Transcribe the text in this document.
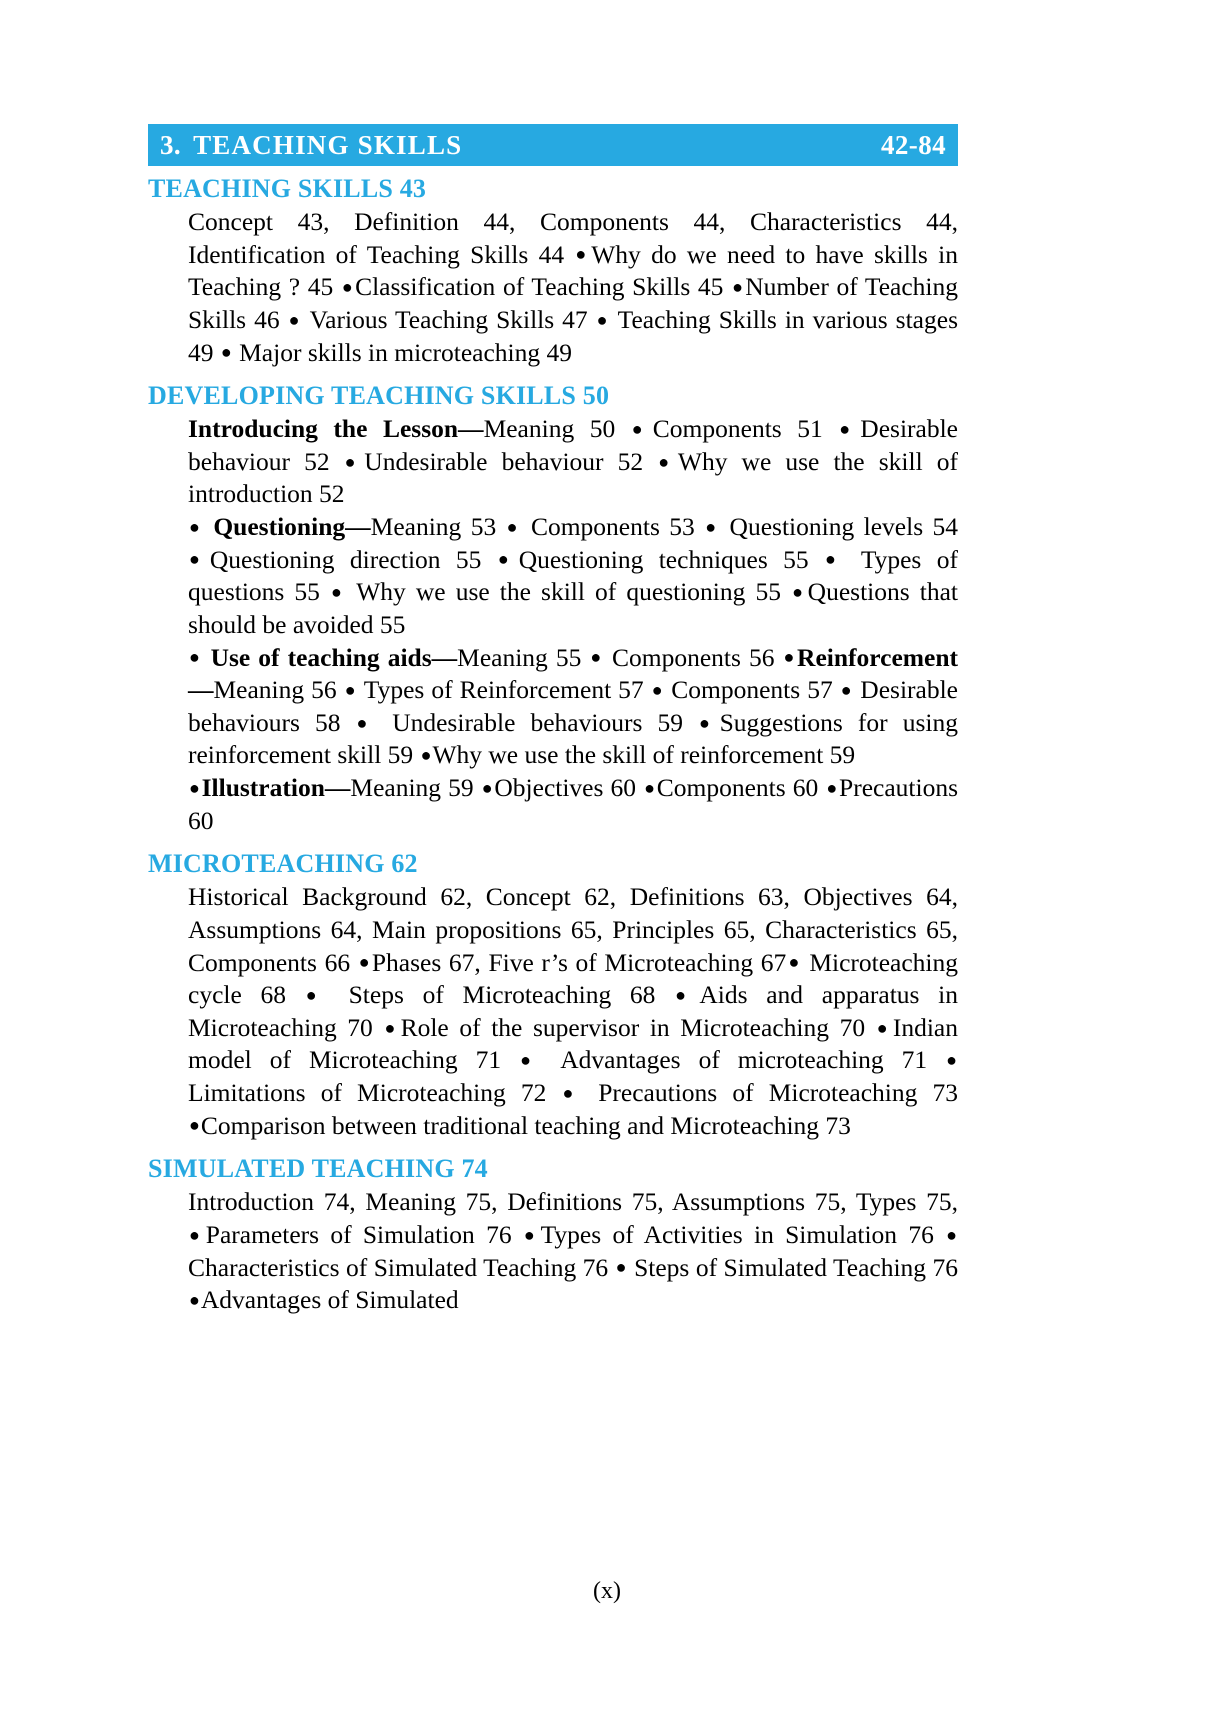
3. TEACHING SKILLS	42-84
TEACHING SKILLS 43

Concept 43, Definition 44, Components 44, Characteristics 44, Identification of Teaching Skills 44 ●Why do we need to have skills in Teaching ? 45 ●Classification of Teaching Skills 45 ●Number of Teaching Skills 46 ● Various Teaching Skills 47 ● Teaching Skills in various stages 49 ● Major skills in microteaching 49

DEVELOPING TEACHING SKILLS 50

Introducing the Lesson—Meaning 50 ●Components 51 ●Desirable behaviour 52 ●Undesirable behaviour 52 ●Why we use the skill of introduction 52

● Questioning—Meaning 53 ● Components 53 ● Questioning levels 54 ●Questioning direction 55 ●Questioning techniques 55 ● Types of questions 55 ● Why we use the skill of questioning 55 ●Questions that should be avoided 55

● Use of teaching aids—Meaning 55 ● Components 56 ●Reinforcement—Meaning 56 ● Types of Reinforcement 57 ● Components 57 ● Desirable behaviours 58 ● Undesirable behaviours 59 ●Suggestions for using reinforcement skill 59 ●Why we use the skill of reinforcement 59

●Illustration—Meaning 59 ●Objectives 60 ●Components 60 ●Precautions 60

MICROTEACHING 62

Historical Background 62, Concept 62, Definitions 63, Objectives 64, Assumptions 64, Main propositions 65, Principles 65, Characteristics 65, Components 66 ●Phases 67, Five r’s of Microteaching 67● Microteaching cycle 68 ● Steps of Microteaching 68 ●Aids and apparatus in Microteaching 70 ●Role of the supervisor in Microteaching 70 ●Indian model of Microteaching 71 ● Advantages of microteaching 71 ● Limitations of Microteaching 72 ● Precautions of Microteaching 73 ●Comparison between traditional teaching and Microteaching 73

SIMULATED TEACHING 74

Introduction 74, Meaning 75, Definitions 75, Assumptions 75, Types 75, ●Parameters of Simulation 76 ●Types of Activities in Simulation 76 ● Characteristics of Simulated Teaching 76 ● Steps of Simulated Teaching 76 ●Advantages of Simulated

(x)
